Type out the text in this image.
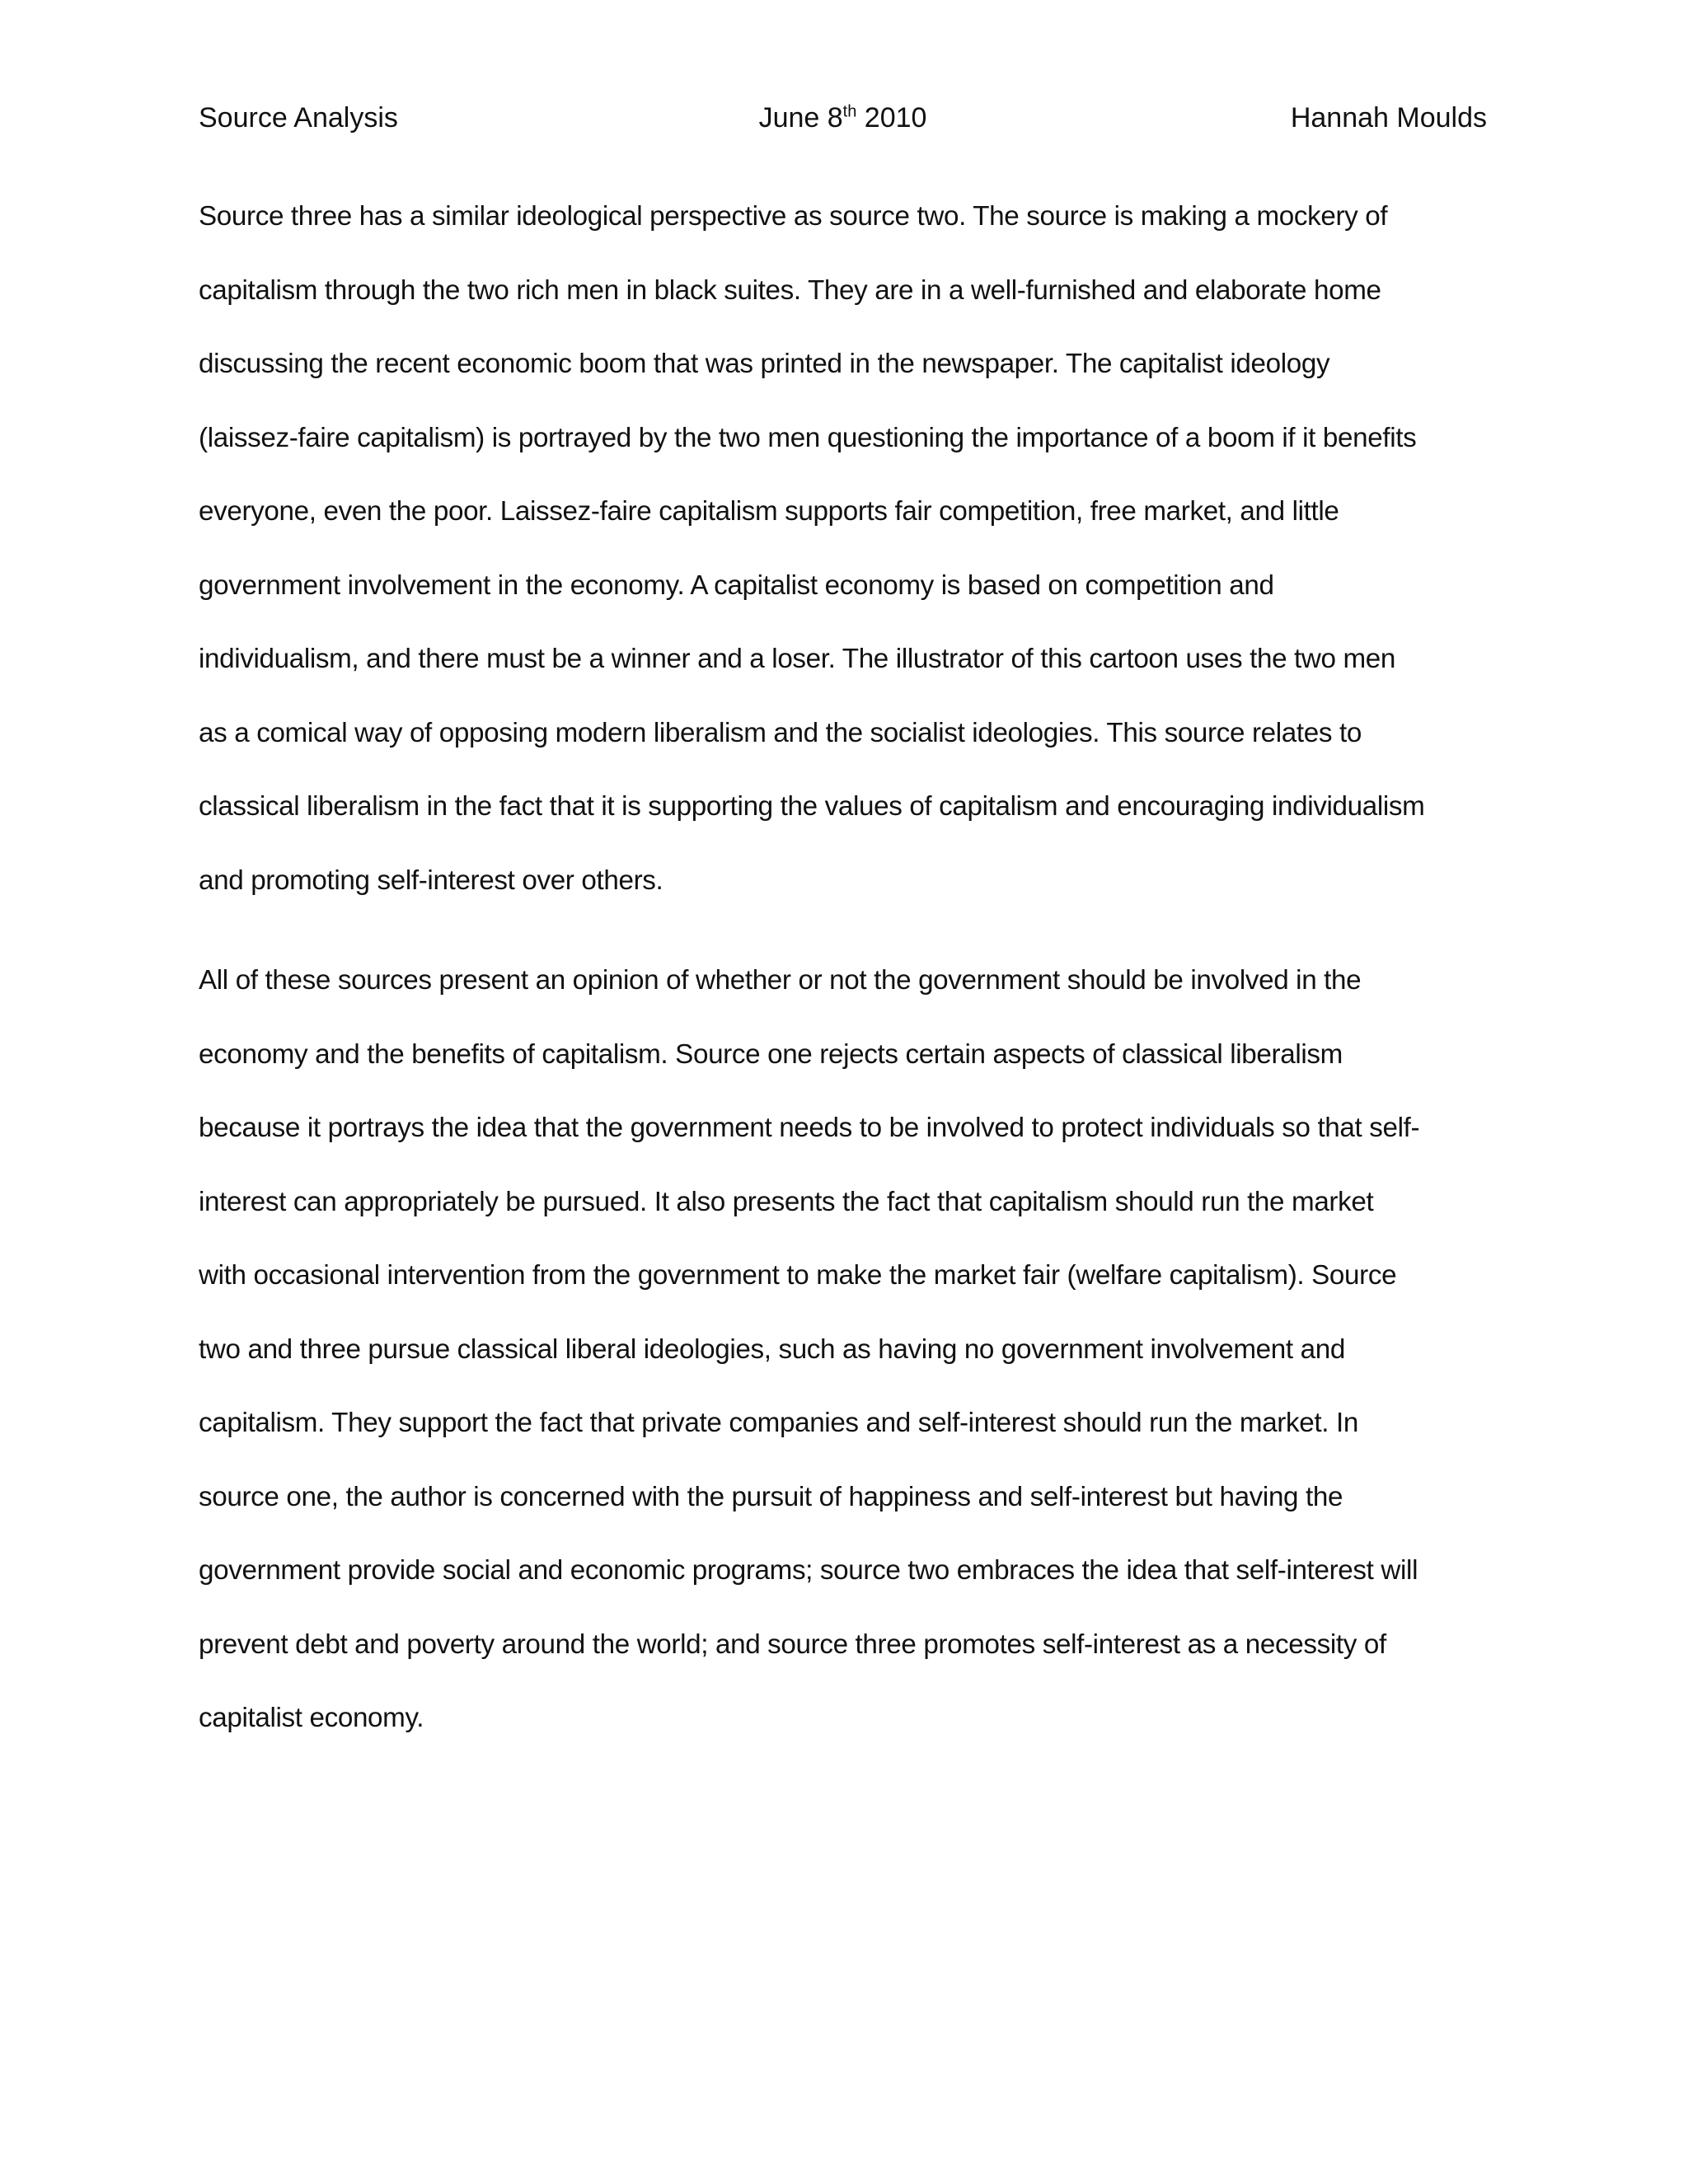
Source Analysis	June 8th 2010	Hannah Moulds
Source three has a similar ideological perspective as source two. The source is making a mockery of
capitalism through the two rich men in black suites. They are in a well-furnished and elaborate home
discussing the recent economic boom that was printed in the newspaper. The capitalist ideology
(laissez-faire capitalism) is portrayed by the two men questioning the importance of a boom if it benefits
everyone, even the poor. Laissez-faire capitalism supports fair competition, free market, and little
government involvement in the economy. A capitalist economy is based on competition and
individualism, and there must be a winner and a loser. The illustrator of this cartoon uses the two men
as a comical way of opposing modern liberalism and the socialist ideologies. This source relates to
classical liberalism in the fact that it is supporting the values of capitalism and encouraging individualism
and promoting self-interest over others.
All of these sources present an opinion of whether or not the government should be involved in the
economy and the benefits of capitalism. Source one rejects certain aspects of classical liberalism
because it portrays the idea that the government needs to be involved to protect individuals so that self-
interest can appropriately be pursued. It also presents the fact that capitalism should run the market
with occasional intervention from the government to make the market fair (welfare capitalism). Source
two and three pursue classical liberal ideologies, such as having no government involvement and
capitalism. They support the fact that private companies and self-interest should run the market. In
source one, the author is concerned with the pursuit of happiness and self-interest but having the
government provide social and economic programs; source two embraces the idea that self-interest will
prevent debt and poverty around the world; and source three promotes self-interest as a necessity of
capitalist economy.
